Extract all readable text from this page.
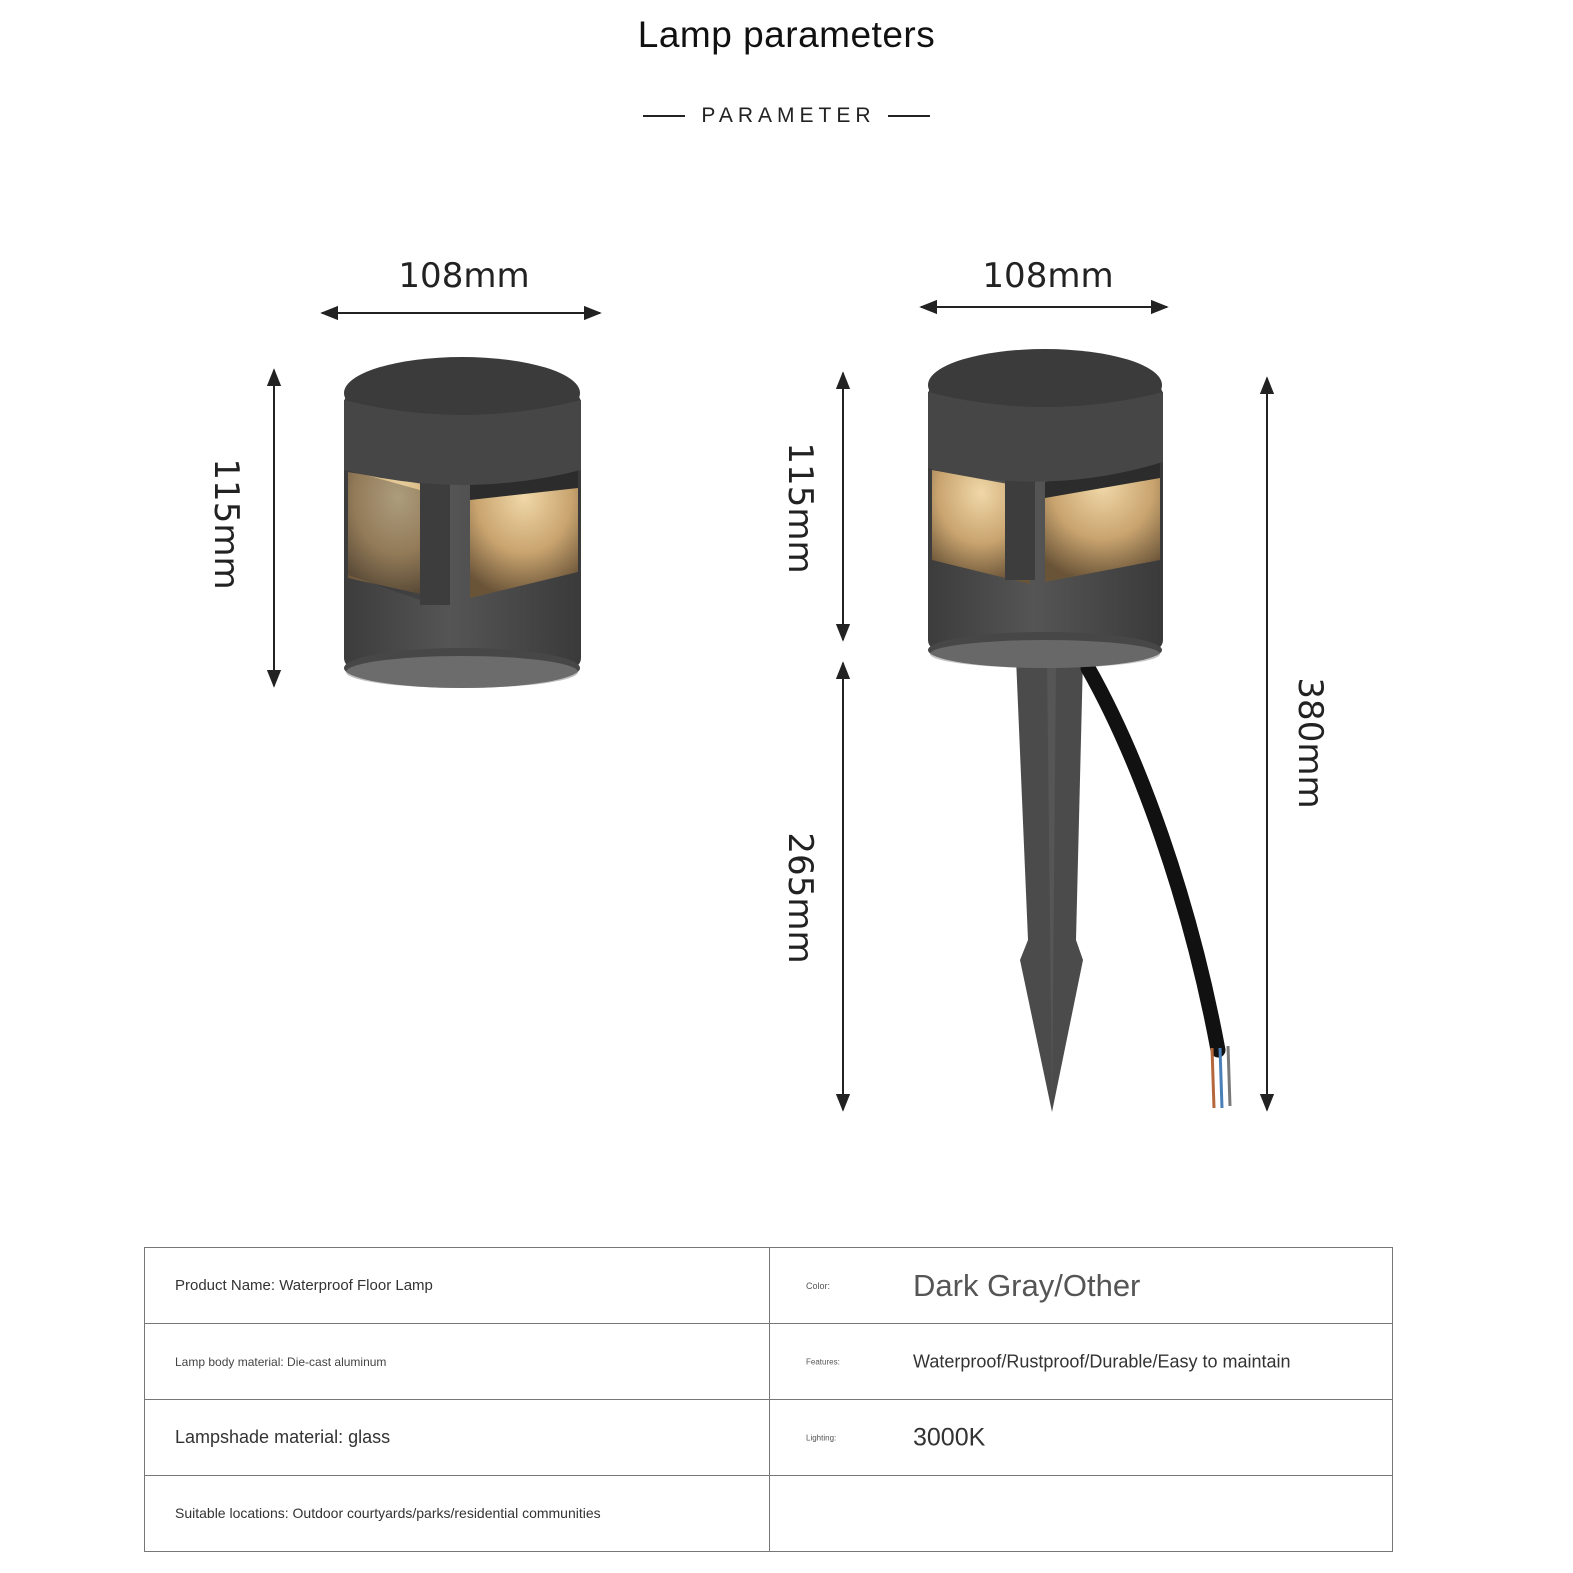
Lamp parameters
PARAMETER
108mm
115mm
108mm
115mm
265mm
380mm
Product Name: Waterproof Floor Lamp	Color: Dark Gray/Other

Lamp body material: Die-cast aluminum	Features: Waterproof/Rustproof/Durable/Easy to maintain

Lampshade material: glass	Lighting: 3000K

Suitable locations: Outdoor courtyards/parks/residential communities	
